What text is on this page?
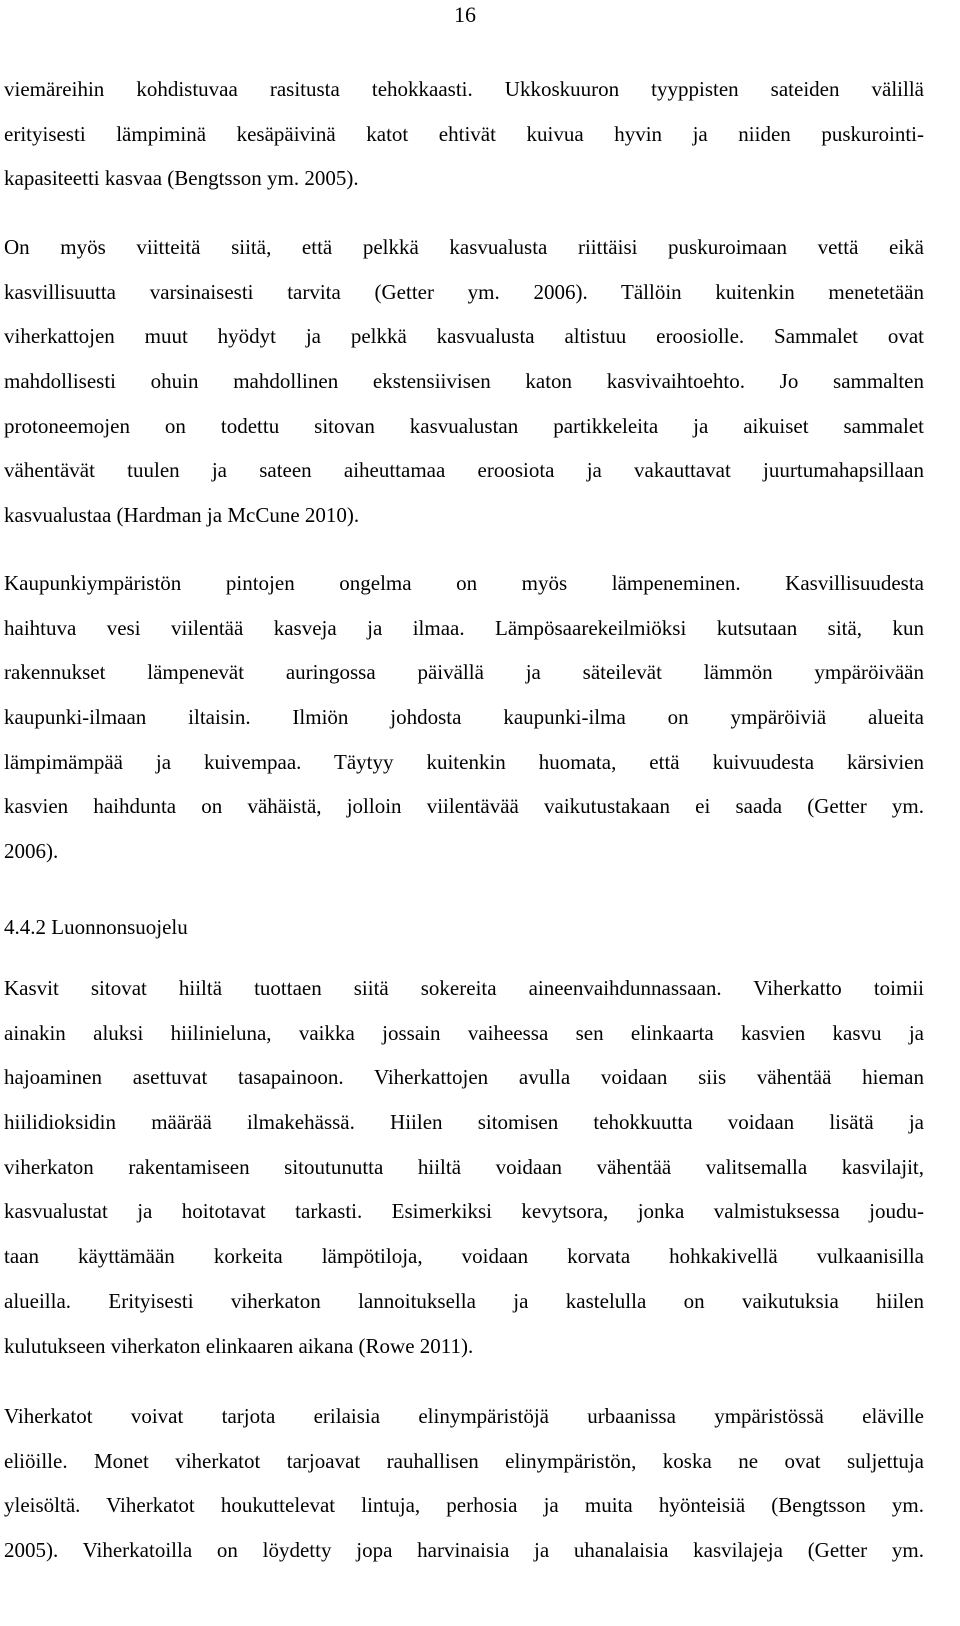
16
viemäreihin kohdistuvaa rasitusta tehokkaasti. Ukkoskuuron tyyppisten sateiden välillä
erityisesti lämpiminä kesäpäivinä katot ehtivät kuivua hyvin ja niiden puskurointi-
kapasiteetti kasvaa (Bengtsson ym. 2005).
On myös viitteitä siitä, että pelkkä kasvualusta riittäisi puskuroimaan vettä eikä
kasvillisuutta varsinaisesti tarvita (Getter ym. 2006). Tällöin kuitenkin menetetään
viherkattojen muut hyödyt ja pelkkä kasvualusta altistuu eroosiolle. Sammalet ovat
mahdollisesti ohuin mahdollinen ekstensiivisen katon kasvivaihtoehto. Jo sammalten
protoneemojen on todettu sitovan kasvualustan partikkeleita ja aikuiset sammalet
vähentävät tuulen ja sateen aiheuttamaa eroosiota ja vakauttavat juurtumahapsillaan
kasvualustaa (Hardman ja McCune 2010).
Kaupunkiympäristön pintojen ongelma on myös lämpeneminen. Kasvillisuudesta
haihtuva vesi viilentää kasveja ja ilmaa. Lämpösaarekeilmiöksi kutsutaan sitä, kun
rakennukset lämpenevät auringossa päivällä ja säteilevät lämmön ympäröivään
kaupunki-ilmaan iltaisin. Ilmiön johdosta kaupunki-ilma on ympäröiviä alueita
lämpimämpää ja kuivempaa. Täytyy kuitenkin huomata, että kuivuudesta kärsivien
kasvien haihdunta on vähäistä, jolloin viilentävää vaikutustakaan ei saada (Getter ym.
2006).
4.4.2 Luonnonsuojelu
Kasvit sitovat hiiltä tuottaen siitä sokereita aineenvaihdunnassaan. Viherkatto toimii
ainakin aluksi hiilinieluna, vaikka jossain vaiheessa sen elinkaarta kasvien kasvu ja
hajoaminen asettuvat tasapainoon. Viherkattojen avulla voidaan siis vähentää hieman
hiilidioksidin määrää ilmakehässä. Hiilen sitomisen tehokkuutta voidaan lisätä ja
viherkaton rakentamiseen sitoutunutta hiiltä voidaan vähentää valitsemalla kasvilajit,
kasvualustat ja hoitotavat tarkasti. Esimerkiksi kevytsora, jonka valmistuksessa joudu-
taan käyttämään korkeita lämpötiloja, voidaan korvata hohkakivellä vulkaanisilla
alueilla. Erityisesti viherkaton lannoituksella ja kastelulla on vaikutuksia hiilen
kulutukseen viherkaton elinkaaren aikana (Rowe 2011).
Viherkatot voivat tarjota erilaisia elinympäristöjä urbaanissa ympäristössä eläville
eliöille. Monet viherkatot tarjoavat rauhallisen elinympäristön, koska ne ovat suljettuja
yleisöltä. Viherkatot houkuttelevat lintuja, perhosia ja muita hyönteisiä (Bengtsson ym.
2005). Viherkatoilla on löydetty jopa harvinaisia ja uhanalaisia kasvilajeja (Getter ym.
